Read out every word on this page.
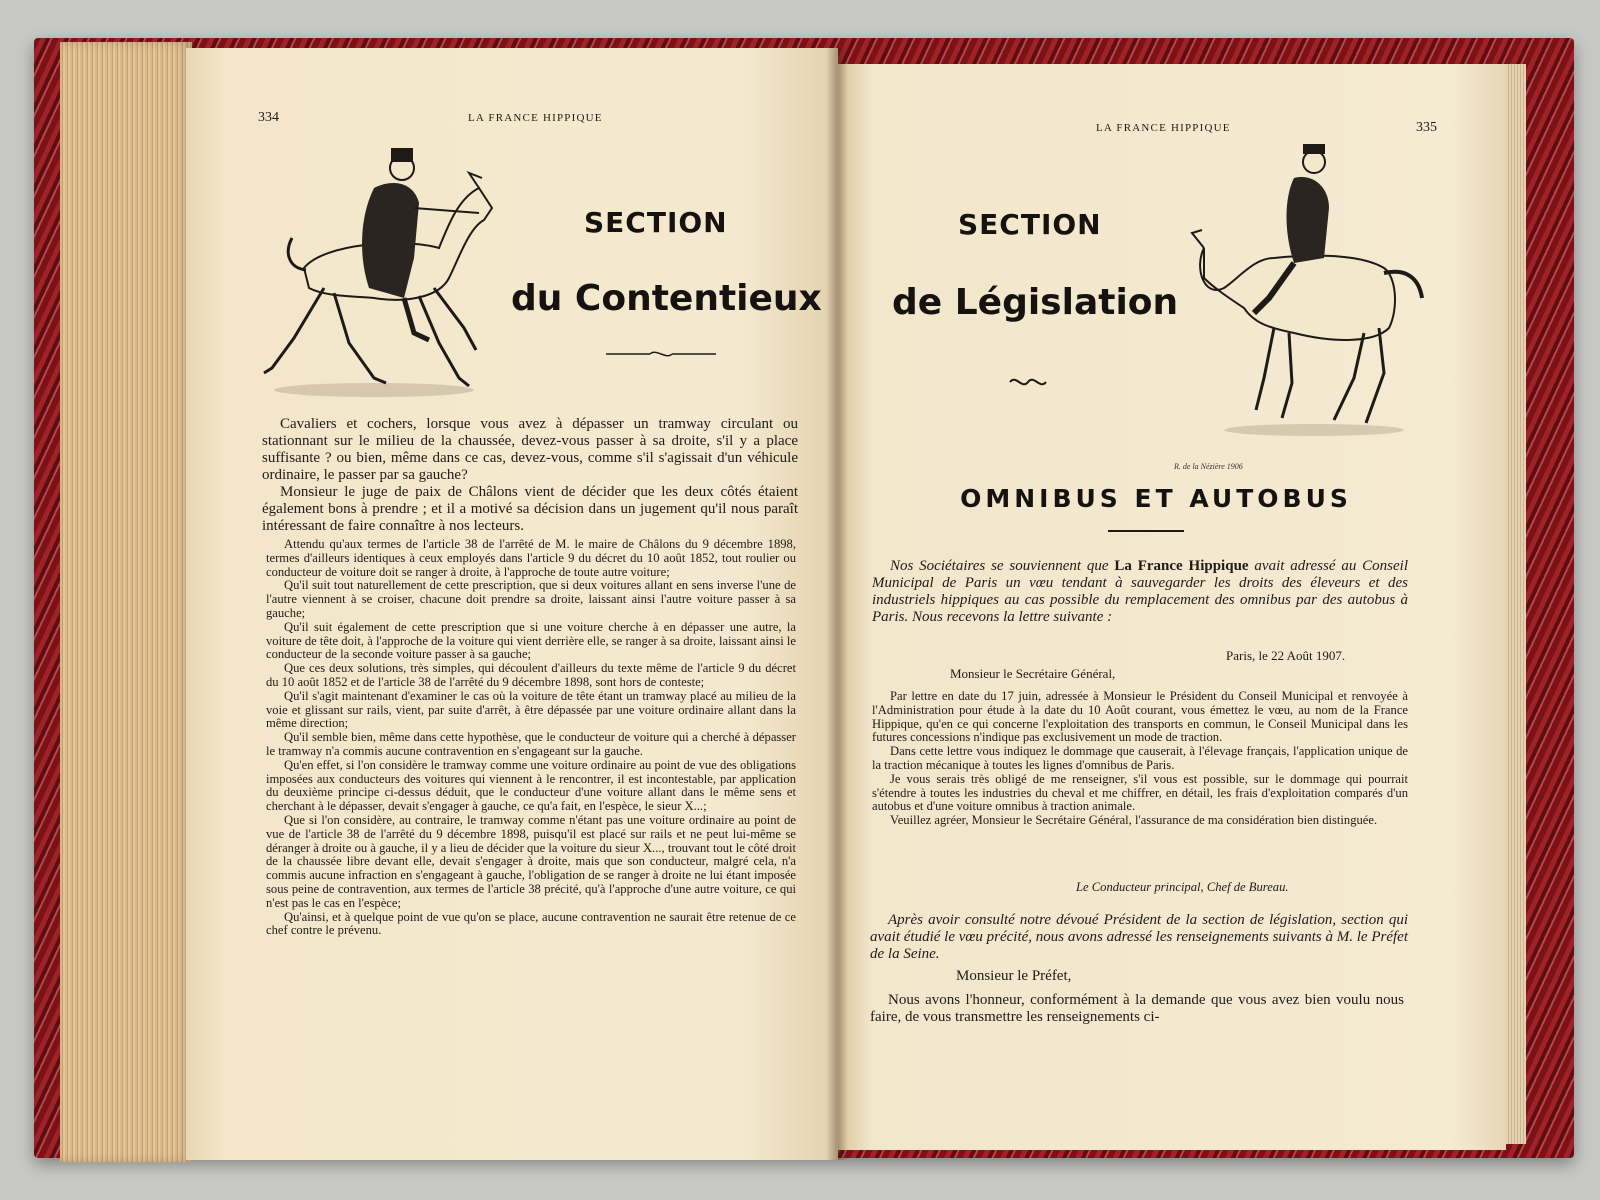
334	LA FRANCE HIPPIQUE
SECTION
du Contentieux

Cavaliers et cochers, lorsque vous avez à dépasser un tramway circulant ou stationnant sur le milieu de la chaussée, devez-vous passer à sa droite, s'il y a place suffisante ? ou bien, même dans ce cas, devez-vous, comme s'il s'agissait d'un véhicule ordinaire, le passer par sa gauche?

Monsieur le juge de paix de Châlons vient de décider que les deux côtés étaient également bons à prendre ; et il a motivé sa décision dans un jugement qu'il nous paraît intéressant de faire connaître à nos lecteurs.

Attendu qu'aux termes de l'article 38 de l'arrêté de M. le maire de Châlons du 9 décembre 1898, termes d'ailleurs identiques à ceux employés dans l'article 9 du décret du 10 août 1852, tout roulier ou conducteur de voiture doit se ranger à droite, à l'approche de toute autre voiture;

Qu'il suit tout naturellement de cette prescription, que si deux voitures allant en sens inverse l'une de l'autre viennent à se croiser, chacune doit prendre sa droite, laissant ainsi l'autre voiture passer à sa gauche;

Qu'il suit également de cette prescription que si une voiture cherche à en dépasser une autre, la voiture de tête doit, à l'approche de la voiture qui vient derrière elle, se ranger à sa droite, laissant ainsi le conducteur de la seconde voiture passer à sa gauche;

Que ces deux solutions, très simples, qui découlent d'ailleurs du texte même de l'article 9 du décret du 10 août 1852 et de l'article 38 de l'arrêté du 9 décembre 1898, sont hors de conteste;

Qu'il s'agit maintenant d'examiner le cas où la voiture de tête étant un tramway placé au milieu de la voie et glissant sur rails, vient, par suite d'arrêt, à être dépassée par une voiture ordinaire allant dans la même direction;

Qu'il semble bien, même dans cette hypothèse, que le conducteur de voiture qui a cherché à dépasser le tramway n'a commis aucune contravention en s'engageant sur la gauche.

Qu'en effet, si l'on considère le tramway comme une voiture ordinaire au point de vue des obligations imposées aux conducteurs des voitures qui viennent à le rencontrer, il est incontestable, par application du deuxième principe ci-dessus déduit, que le conducteur d'une voiture allant dans le même sens et cherchant à le dépasser, devait s'engager à gauche, ce qu'a fait, en l'espèce, le sieur X...;

Que si l'on considère, au contraire, le tramway comme n'étant pas une voiture ordinaire au point de vue de l'article 38 de l'arrêté du 9 décembre 1898, puisqu'il est placé sur rails et ne peut lui-même se déranger à droite ou à gauche, il y a lieu de décider que la voiture du sieur X..., trouvant tout le côté droit de la chaussée libre devant elle, devait s'engager à droite, mais que son conducteur, malgré cela, n'a commis aucune infraction en s'engageant à gauche, l'obligation de se ranger à droite ne lui étant imposée sous peine de contravention, aux termes de l'article 38 précité, qu'à l'approche d'une autre voiture, ce qui n'est pas le cas en l'espèce;

Qu'ainsi, et à quelque point de vue qu'on se place, aucune contravention ne saurait être retenue de ce chef contre le prévenu.

LA FRANCE HIPPIQUE	335
SECTION
de Législation
R. de la Nézière 1906
OMNIBUS ET AUTOBUS

Nos Sociétaires se souviennent que La France Hippique avait adressé au Conseil Municipal de Paris un vœu tendant à sauvegarder les droits des éleveurs et des industriels hippiques au cas possible du remplacement des omnibus par des autobus à Paris. Nous recevons la lettre suivante :

Paris, le 22 Août 1907.
Monsieur le Secrétaire Général,

Par lettre en date du 17 juin, adressée à Monsieur le Président du Conseil Municipal et renvoyée à l'Administration pour étude à la date du 10 Août courant, vous émettez le vœu, au nom de la France Hippique, qu'en ce qui concerne l'exploitation des transports en commun, le Conseil Municipal dans les futures concessions n'indique pas exclusivement un mode de traction.

Dans cette lettre vous indiquez le dommage que causerait, à l'élevage français, l'application unique de la traction mécanique à toutes les lignes d'omnibus de Paris.

Je vous serais très obligé de me renseigner, s'il vous est possible, sur le dommage qui pourrait s'étendre à toutes les industries du cheval et me chiffrer, en détail, les frais d'exploitation comparés d'un autobus et d'une voiture omnibus à traction animale.

Veuillez agréer, Monsieur le Secrétaire Général, l'assurance de ma considération bien distinguée.

Le Conducteur principal, Chef de Bureau.

Après avoir consulté notre dévoué Président de la section de législation, section qui avait étudié le vœu précité, nous avons adressé les renseignements suivants à M. le Préfet de la Seine.

Monsieur le Préfet,

Nous avons l'honneur, conformément à la demande que vous avez bien voulu nous faire, de vous transmettre les renseignements ci-
